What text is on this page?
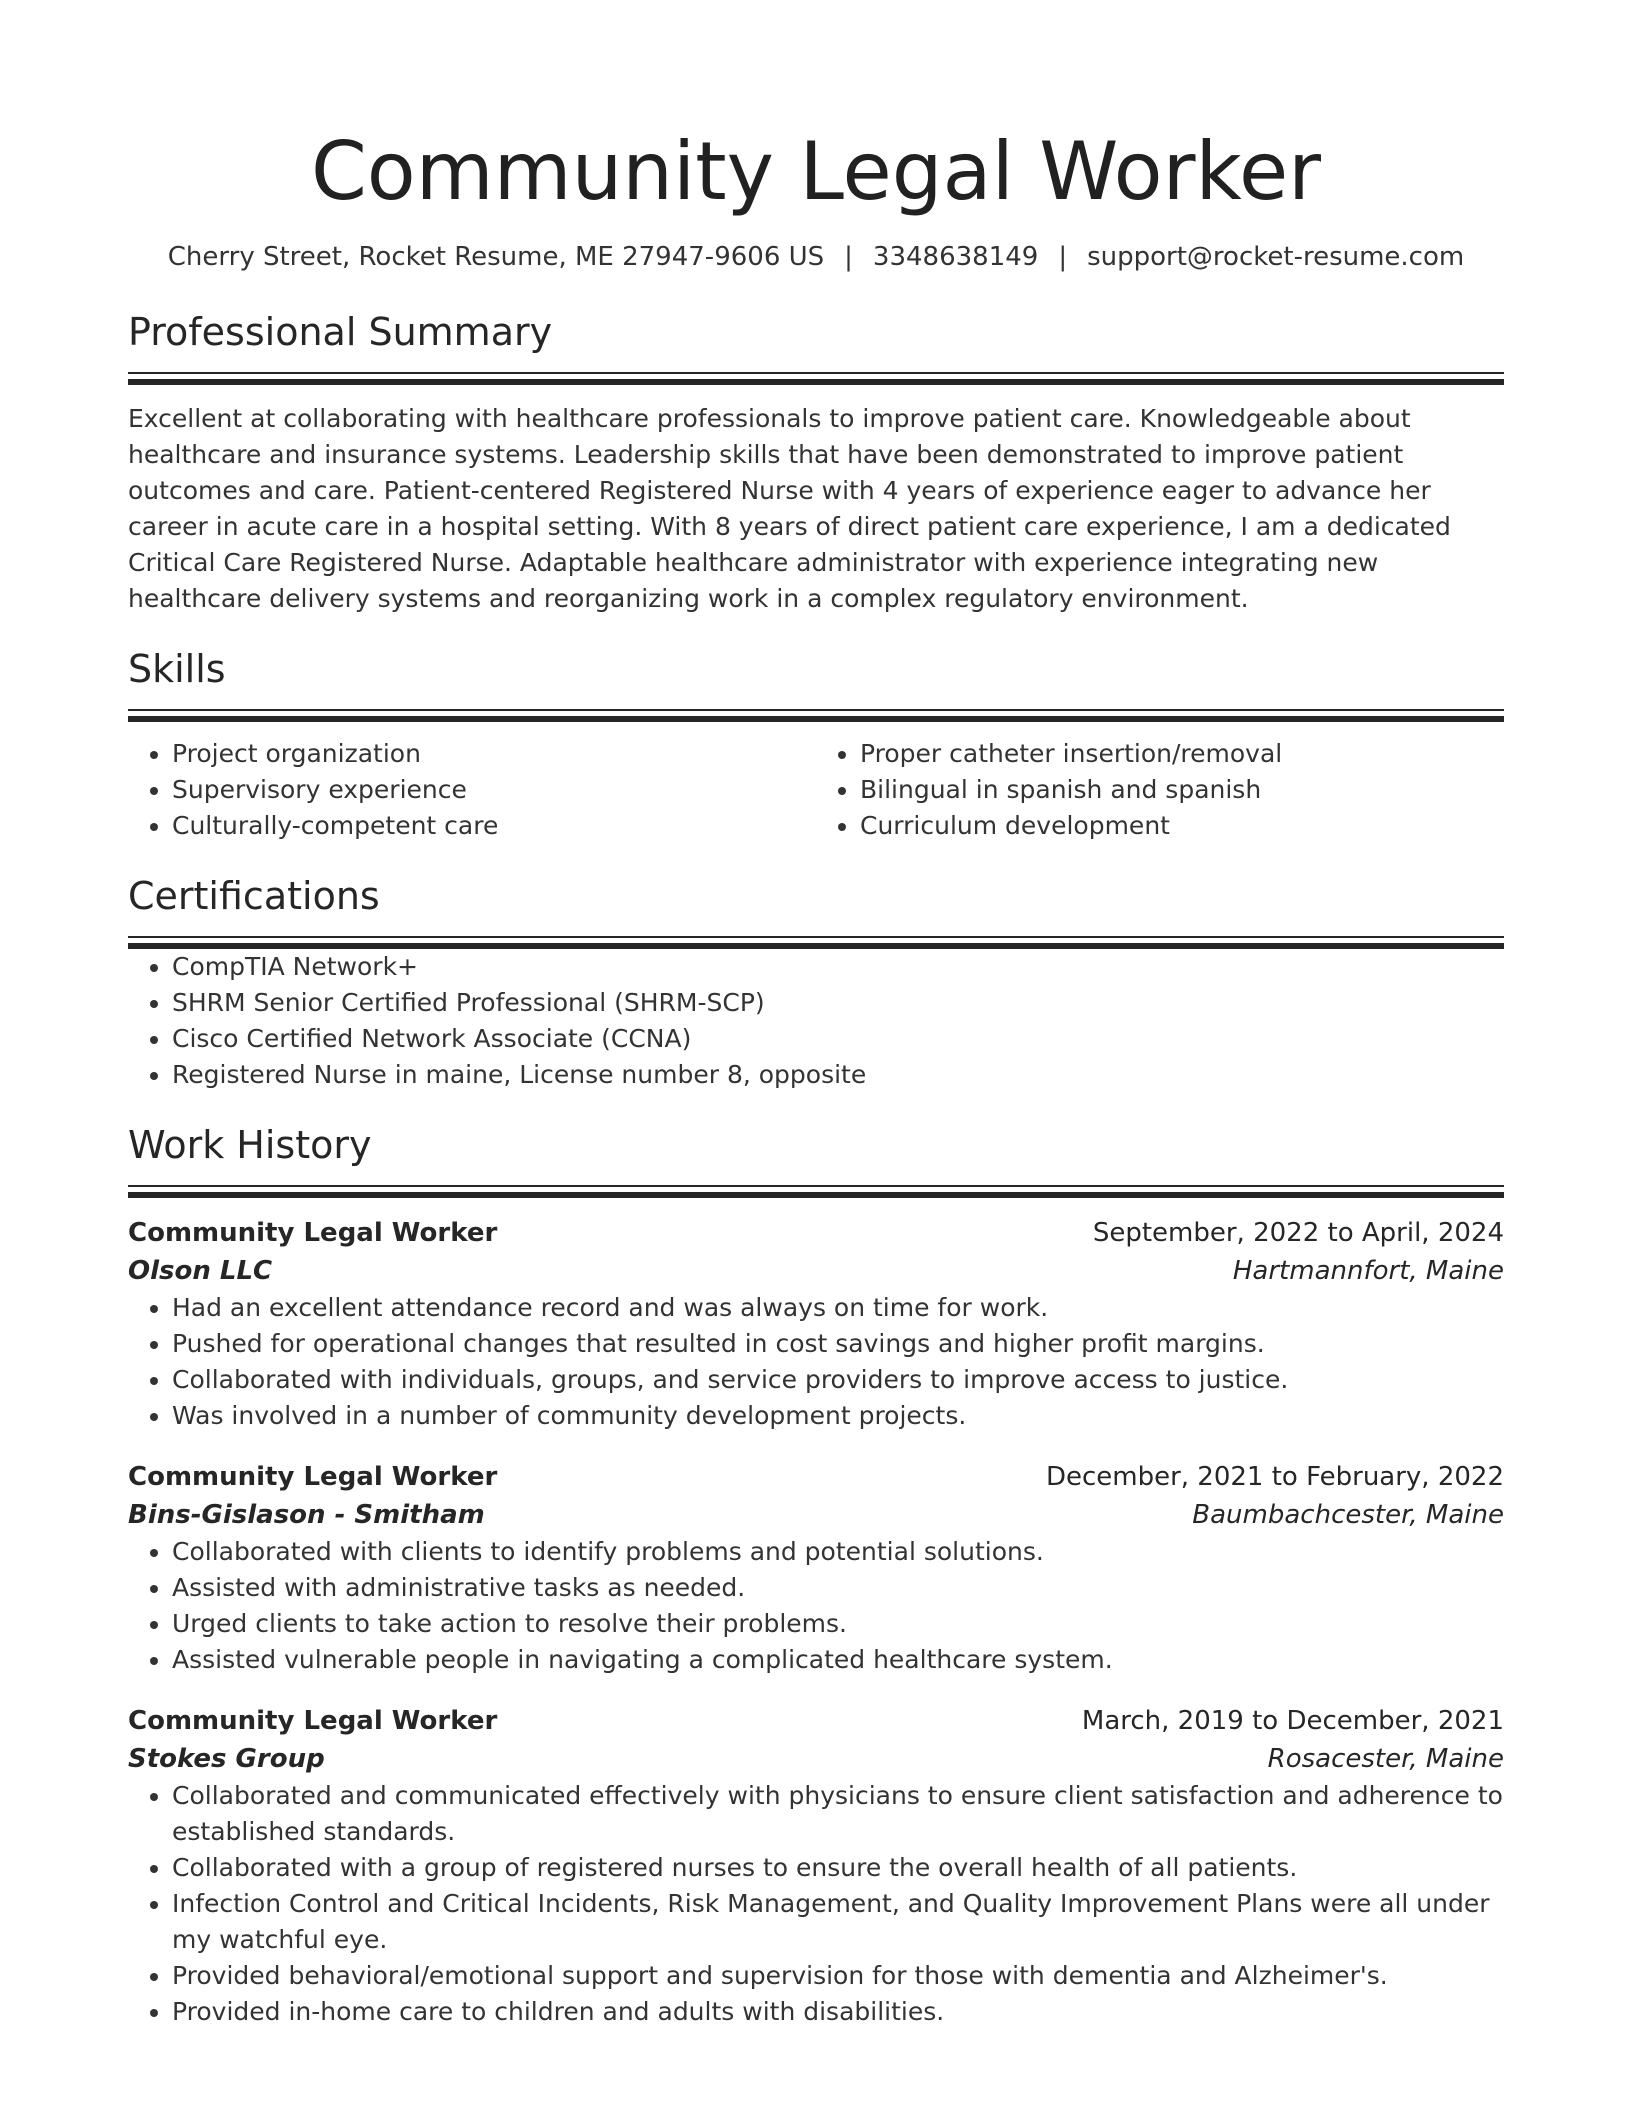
Community Legal Worker
Cherry Street, Rocket Resume, ME 27947-9606 US | 3348638149 | support@rocket-resume.com
Professional Summary
Excellent at collaborating with healthcare professionals to improve patient care. Knowledgeable about healthcare and insurance systems. Leadership skills that have been demonstrated to improve patient outcomes and care. Patient-centered Registered Nurse with 4 years of experience eager to advance her career in acute care in a hospital setting. With 8 years of direct patient care experience, I am a dedicated Critical Care Registered Nurse. Adaptable healthcare administrator with experience integrating new healthcare delivery systems and reorganizing work in a complex regulatory environment.
Skills
• Project organization
• Supervisory experience
• Culturally-competent care
• Proper catheter insertion/removal
• Bilingual in spanish and spanish
• Curriculum development
Certifications
• CompTIA Network+
• SHRM Senior Certified Professional (SHRM-SCP)
• Cisco Certified Network Associate (CCNA)
• Registered Nurse in maine, License number 8, opposite
Work History
Community Legal Worker	September, 2022 to April, 2024
Olson LLC	Hartmannfort, Maine
• Had an excellent attendance record and was always on time for work.
• Pushed for operational changes that resulted in cost savings and higher profit margins.
• Collaborated with individuals, groups, and service providers to improve access to justice.
• Was involved in a number of community development projects.
Community Legal Worker	December, 2021 to February, 2022
Bins-Gislason - Smitham	Baumbachcester, Maine
• Collaborated with clients to identify problems and potential solutions.
• Assisted with administrative tasks as needed.
• Urged clients to take action to resolve their problems.
• Assisted vulnerable people in navigating a complicated healthcare system.
Community Legal Worker	March, 2019 to December, 2021
Stokes Group	Rosacester, Maine
• Collaborated and communicated effectively with physicians to ensure client satisfaction and adherence to established standards.
• Collaborated with a group of registered nurses to ensure the overall health of all patients.
• Infection Control and Critical Incidents, Risk Management, and Quality Improvement Plans were all under my watchful eye.
• Provided behavioral/emotional support and supervision for those with dementia and Alzheimer's.
• Provided in-home care to children and adults with disabilities.
